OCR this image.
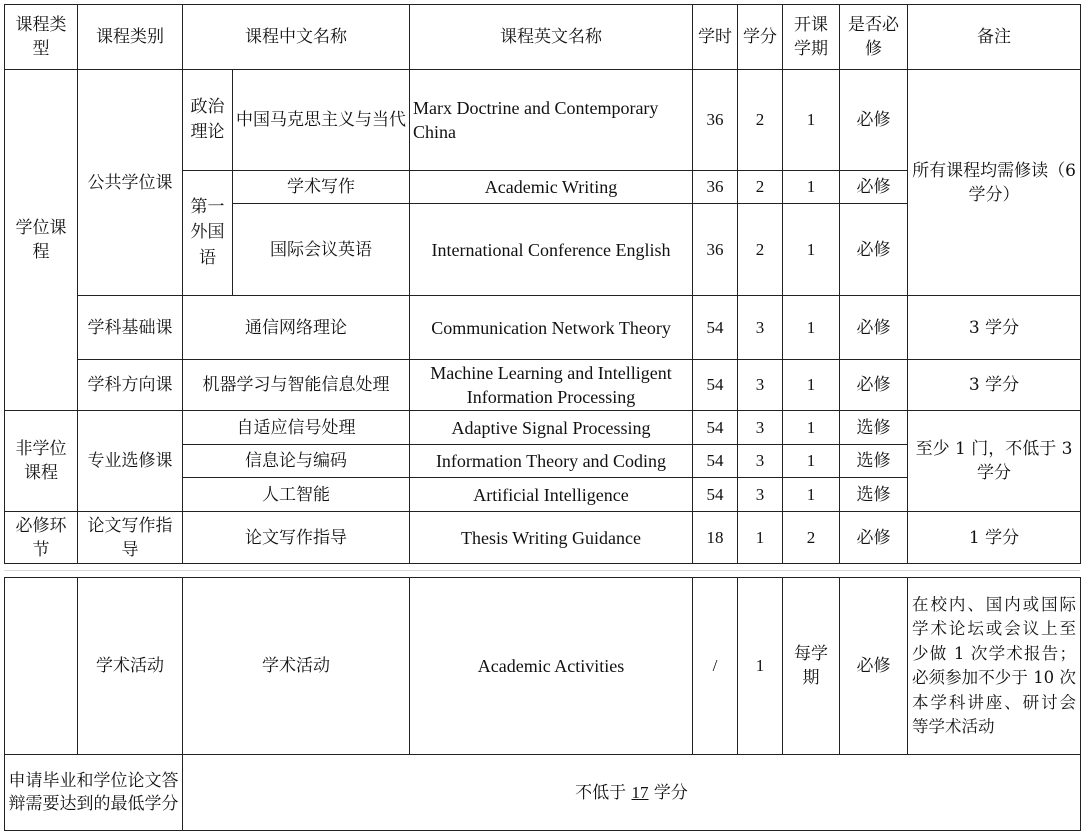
课程类型	课程类别	课程中文名称		课程英文名称	学时	学分	开课学期	是否必修	备注
学位课程	公共学位课	政治理论	中国马克思主义与当代	Marx Doctrine and Contemporary China	36	2	1	必修	所有课程均需修读（6 学分）
		第一外国语	学术写作	Academic Writing	36	2	1	必修	
			国际会议英语	International Conference English	36	2	1	必修	
	学科基础课	通信网络理论		Communication Network Theory	54	3	1	必修	3 学分
	学科方向课	机器学习与智能信息处理		Machine Learning and Intelligent Information Processing	54	3	1	必修	3 学分
非学位课程	专业选修课	自适应信号处理		Adaptive Signal Processing	54	3	1	选修	至少 1 门，不低于 3 学分
		信息论与编码		Information Theory and Coding	54	3	1	选修	
		人工智能		Artificial Intelligence	54	3	1	选修	
必修环节	论文写作指导	论文写作指导		Thesis Writing Guidance	18	1	2	必修	1 学分
	学术活动	学术活动	Academic Activities	/	1	每学期	必修	在校内、国内或国际学术论坛或会议上至少做 1 次学术报告；必须参加不少于 10 次本学科讲座、研讨会等学术活动
申请毕业和学位论文答辩需要达到的最低学分		不低于 17 学分						
